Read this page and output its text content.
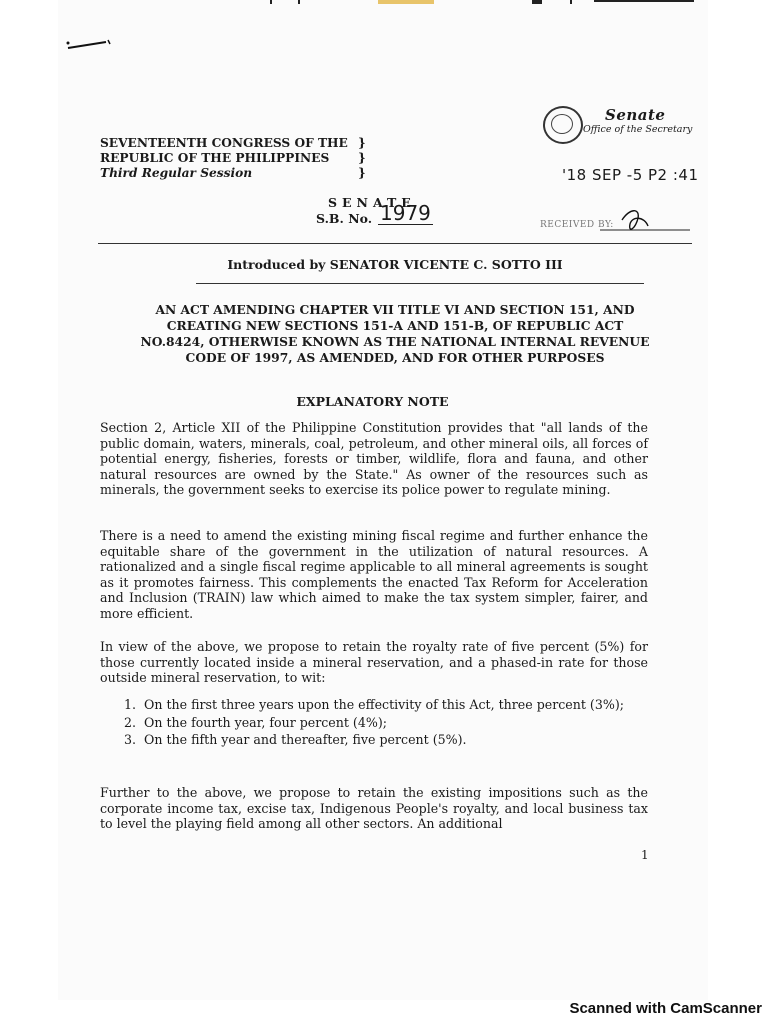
SEVENTEENTH CONGRESS OF THE
REPUBLIC OF THE PHILIPPINES
Third Regular Session
}
}
}
Senate
Office of the Secretary
'18 SEP -5 P2 :41
SENATE
S.B. No. 1979	RECEIVED BY:
Introduced by SENATOR VICENTE C. SOTTO III
AN ACT AMENDING CHAPTER VII TITLE VI AND SECTION 151, AND
CREATING NEW SECTIONS 151-A AND 151-B, OF REPUBLIC ACT
NO.8424, OTHERWISE KNOWN AS THE NATIONAL INTERNAL REVENUE
CODE OF 1997, AS AMENDED, AND FOR OTHER PURPOSES
EXPLANATORY NOTE
Section 2, Article XII of the Philippine Constitution provides that "all lands of the public domain, waters, minerals, coal, petroleum, and other mineral oils, all forces of potential energy, fisheries, forests or timber, wildlife, flora and fauna, and other natural resources are owned by the State." As owner of the resources such as minerals, the government seeks to exercise its police power to regulate mining.
There is a need to amend the existing mining fiscal regime and further enhance the equitable share of the government in the utilization of natural resources. A rationalized and a single fiscal regime applicable to all mineral agreements is sought as it promotes fairness. This complements the enacted Tax Reform for Acceleration and Inclusion (TRAIN) law which aimed to make the tax system simpler, fairer, and more efficient.
In view of the above, we propose to retain the royalty rate of five percent (5%) for those currently located inside a mineral reservation, and a phased-in rate for those outside mineral reservation, to wit:
1. On the first three years upon the effectivity of this Act, three percent (3%);
2. On the fourth year, four percent (4%);
3. On the fifth year and thereafter, five percent (5%).
Further to the above, we propose to retain the existing impositions such as the corporate income tax, excise tax, Indigenous People's royalty, and local business tax to level the playing field among all other sectors. An additional
1
Scanned with CamScanner
